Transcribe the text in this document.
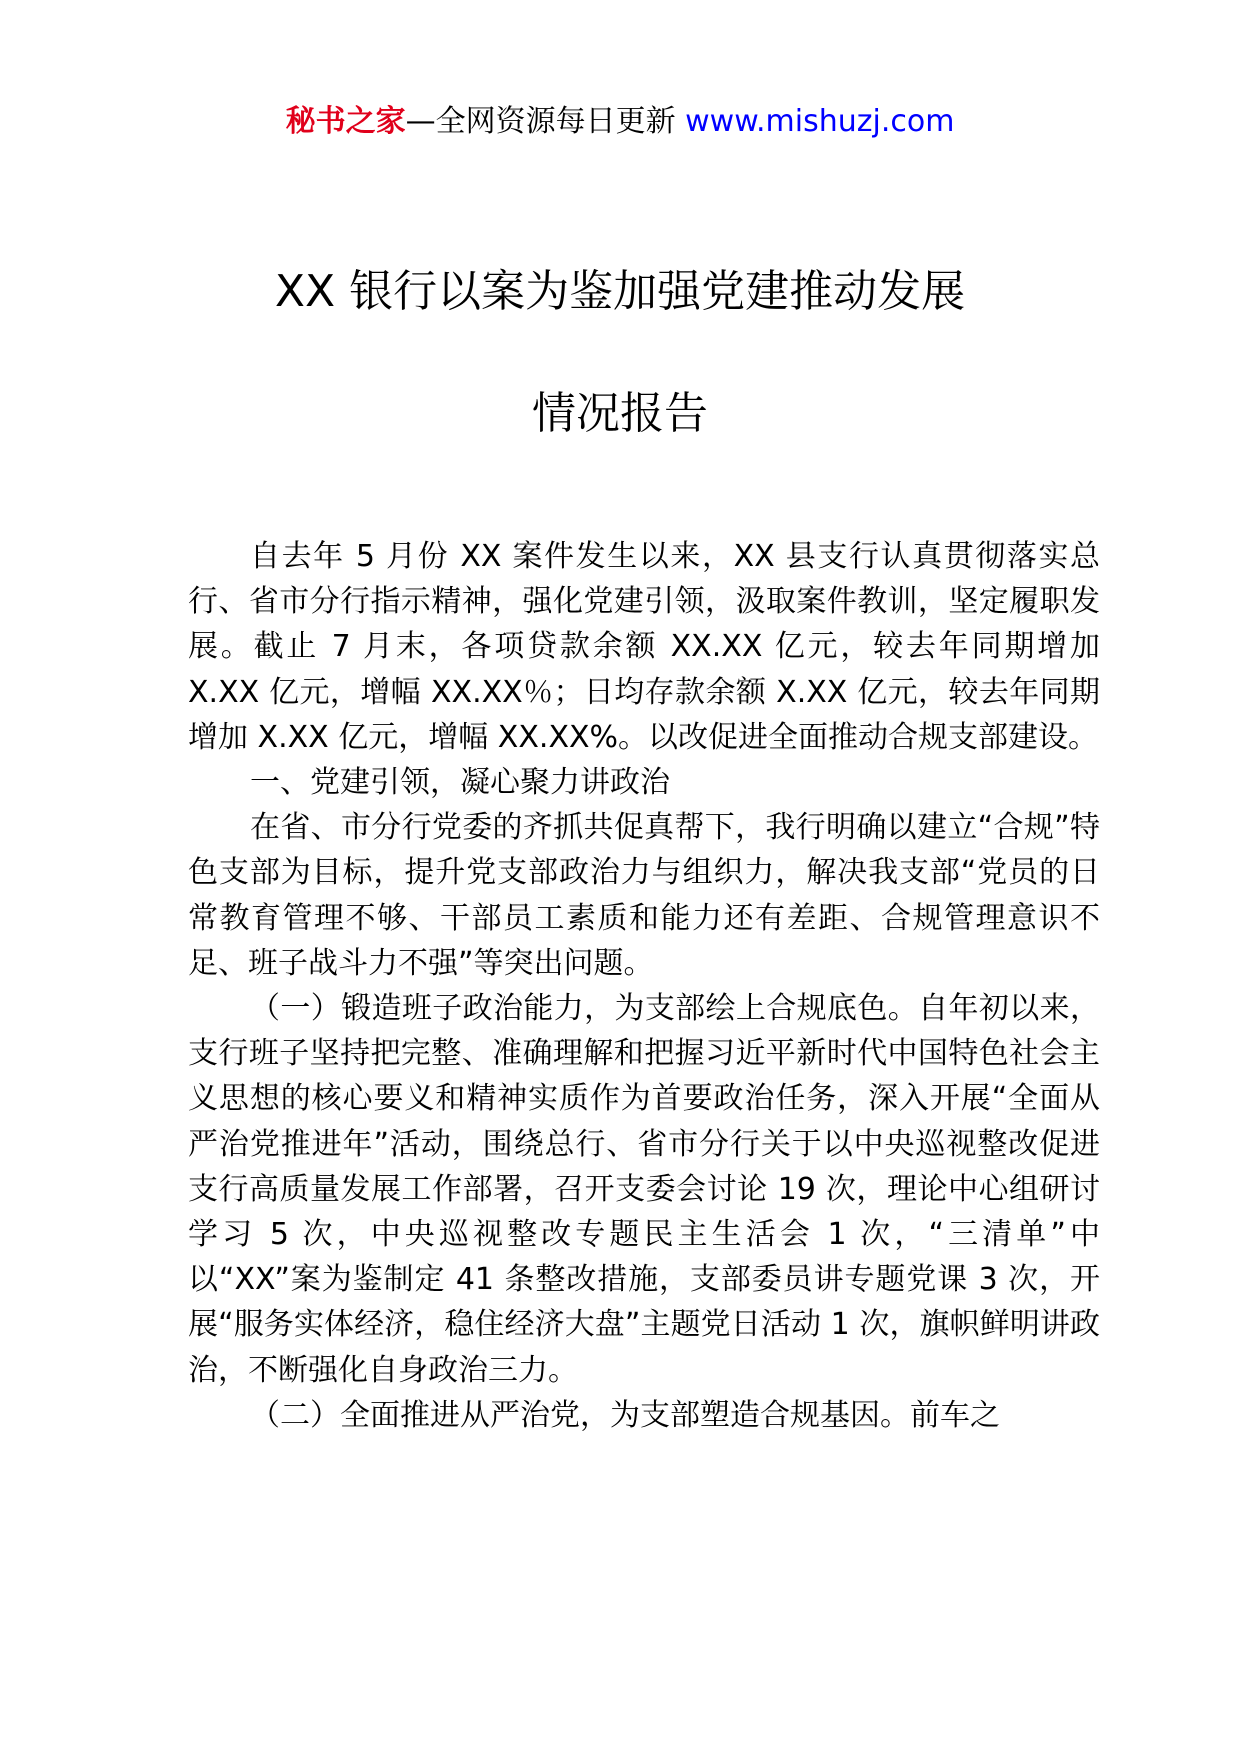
秘书之家—全网资源每日更新 www.mishuzj.com
XX 银行以案为鉴加强党建推动发展
情况报告

自去年 5 月份 XX 案件发生以来，XX 县支行认真贯彻落实总行、省市分行指示精神，强化党建引领，汲取案件教训，坚定履职发展。截止 7 月末，各项贷款余额 XX.XX 亿元，较去年同期增加 X.XX 亿元，增幅 XX.XX％；日均存款余额 X.XX 亿元，较去年同期增加 X.XX 亿元，增幅 XX.XX%。以改促进全面推动合规支部建设。

一、党建引领，凝心聚力讲政治

在省、市分行党委的齐抓共促真帮下，我行明确以建立“合规”特色支部为目标，提升党支部政治力与组织力，解决我支部“党员的日常教育管理不够、干部员工素质和能力还有差距、合规管理意识不足、班子战斗力不强”等突出问题。

（一）锻造班子政治能力，为支部绘上合规底色。自年初以来，支行班子坚持把完整、准确理解和把握习近平新时代中国特色社会主义思想的核心要义和精神实质作为首要政治任务，深入开展“全面从严治党推进年”活动，围绕总行、省市分行关于以中央巡视整改促进支行高质量发展工作部署，召开支委会讨论 19 次，理论中心组研讨学习 5 次，中央巡视整改专题民主生活会 1 次，“三清单”中以“XX”案为鉴制定 41 条整改措施，支部委员讲专题党课 3 次，开展“服务实体经济，稳住经济大盘”主题党日活动 1 次，旗帜鲜明讲政治，不断强化自身政治三力。

（二）全面推进从严治党，为支部塑造合规基因。前车之
